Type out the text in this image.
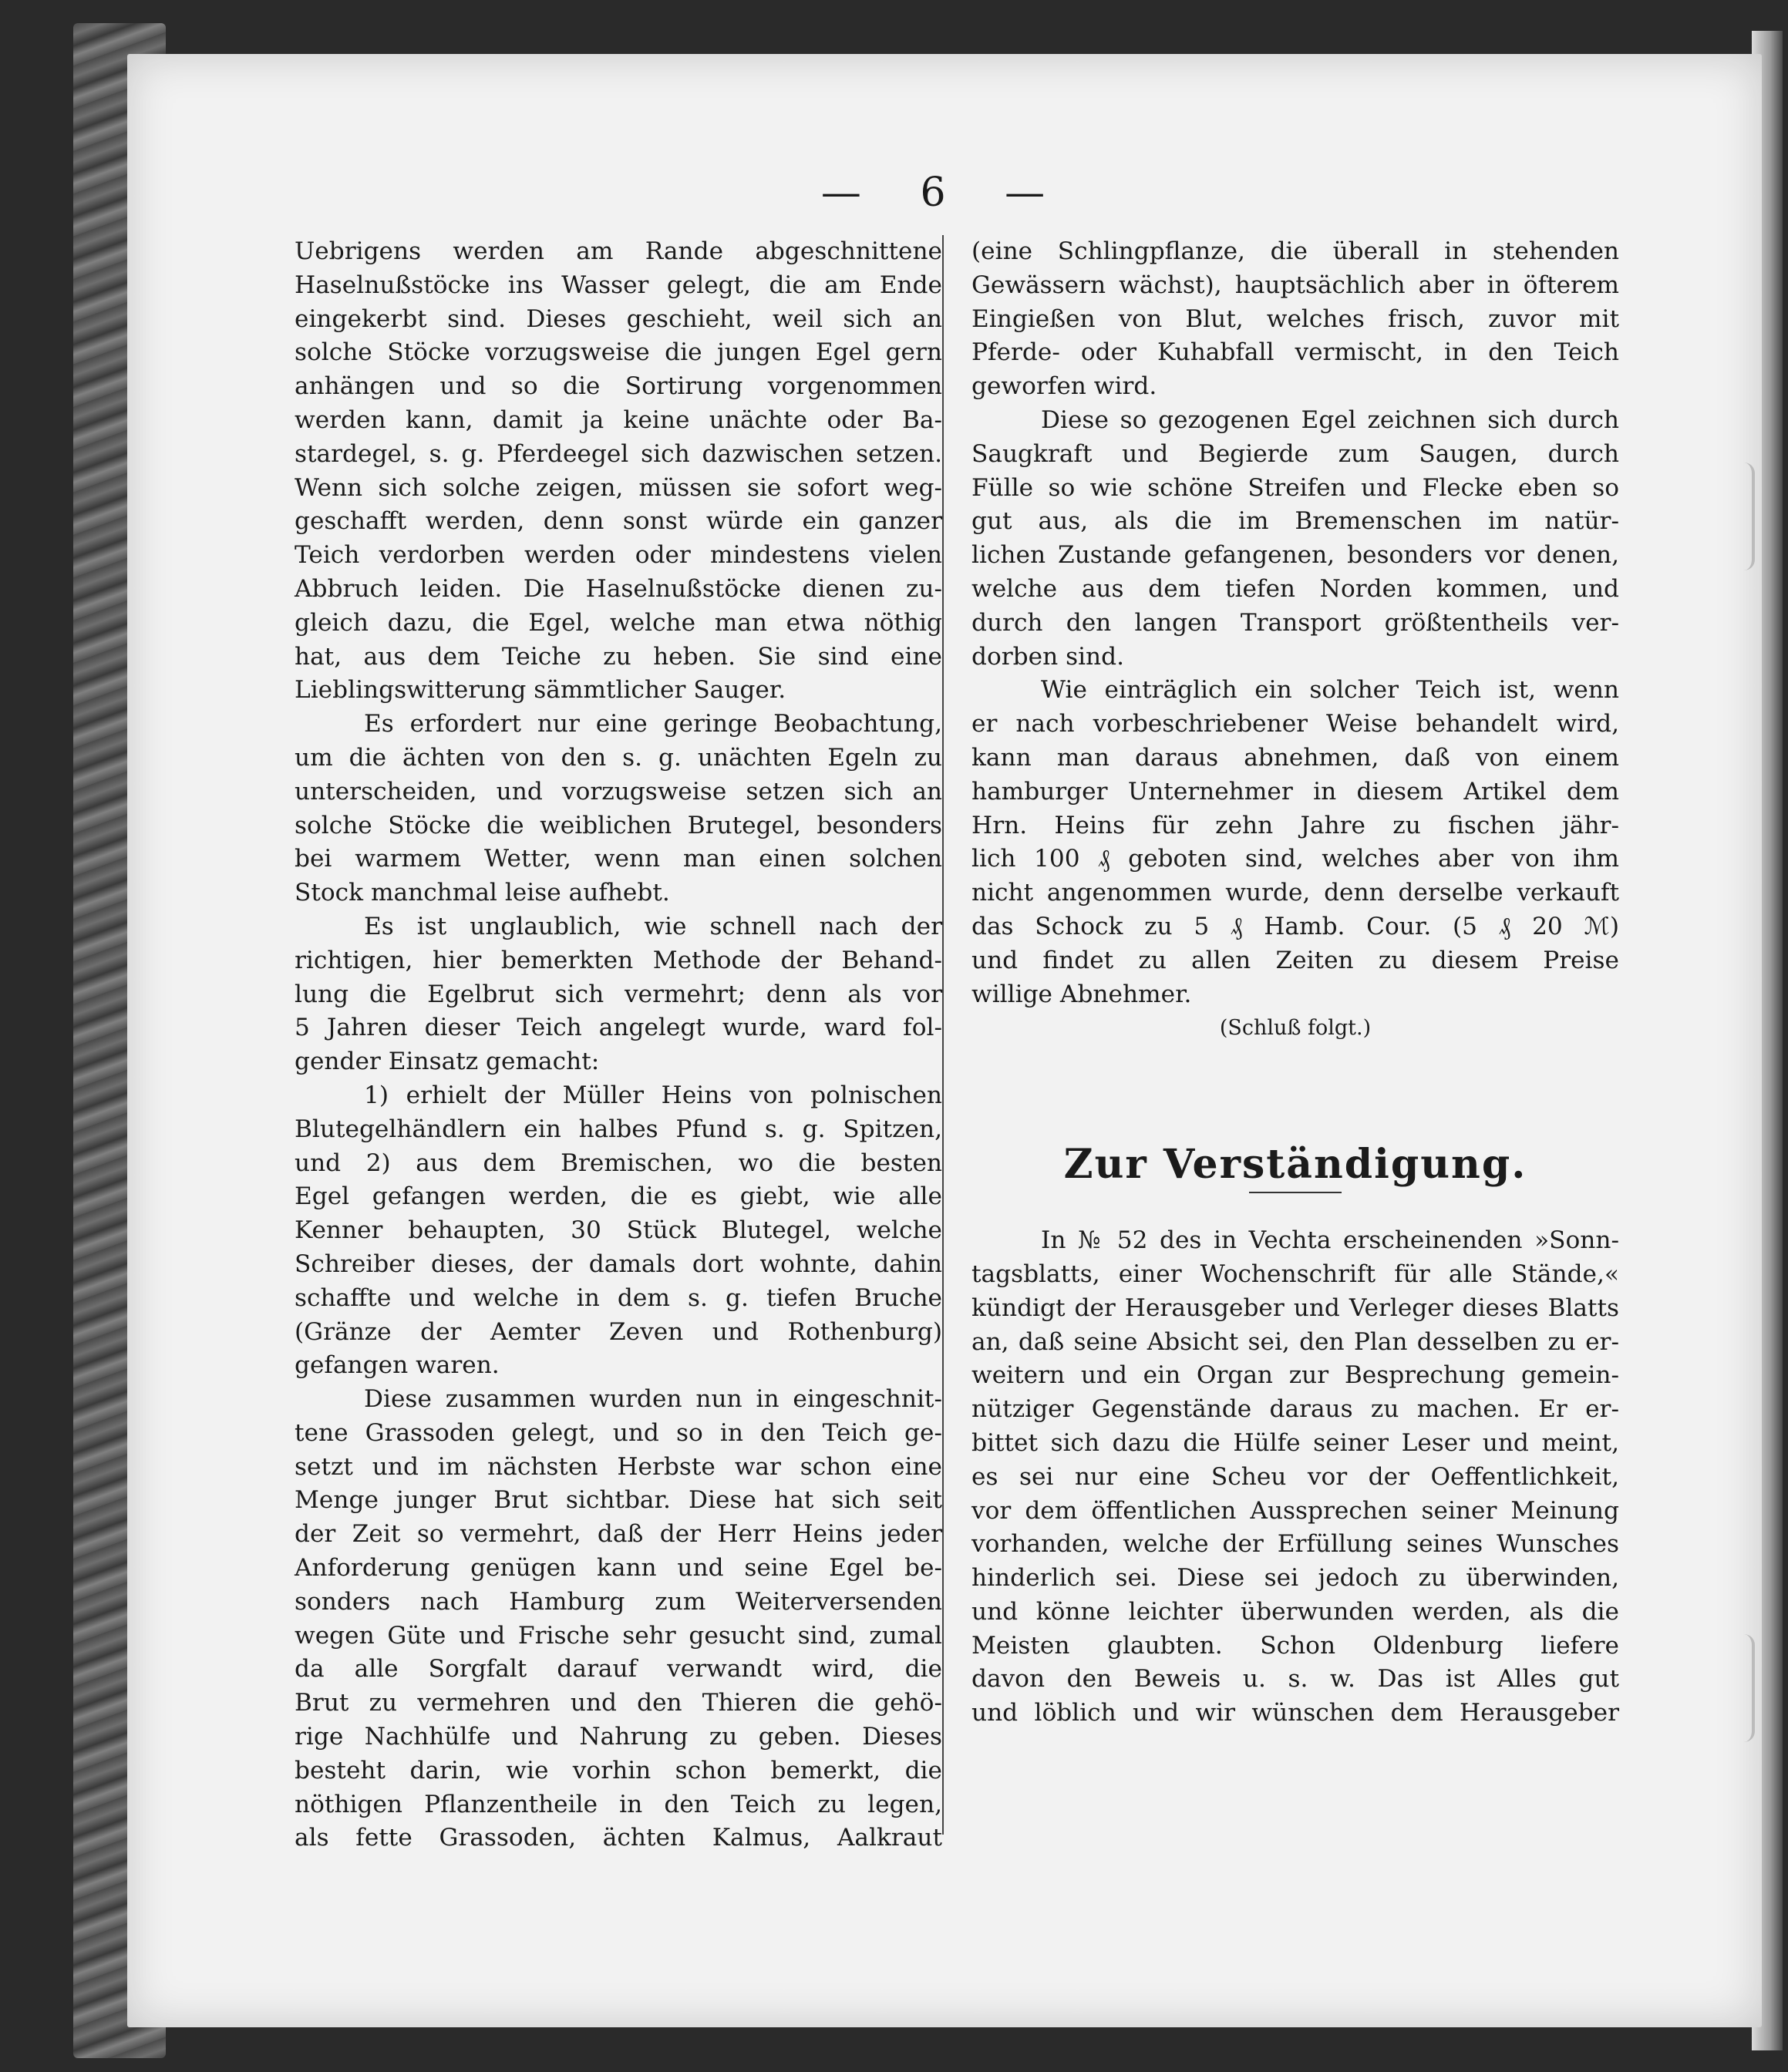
— 6 —
Uebrigens werden am Rande abgeschnittene
Haselnußstöcke ins Wasser gelegt, die am Ende
eingekerbt sind. Dieses geschieht, weil sich an
solche Stöcke vorzugsweise die jungen Egel gern
anhängen und so die Sortirung vorgenommen
werden kann, damit ja keine unächte oder Ba-
stardegel, s. g. Pferdeegel sich dazwischen setzen.
Wenn sich solche zeigen, müssen sie sofort weg-
geschafft werden, denn sonst würde ein ganzer
Teich verdorben werden oder mindestens vielen
Abbruch leiden. Die Haselnußstöcke dienen zu-
gleich dazu, die Egel, welche man etwa nöthig
hat, aus dem Teiche zu heben. Sie sind eine
Lieblingswitterung sämmtlicher Sauger.
Es erfordert nur eine geringe Beobachtung,
um die ächten von den s. g. unächten Egeln zu
unterscheiden, und vorzugsweise setzen sich an
solche Stöcke die weiblichen Brutegel, besonders
bei warmem Wetter, wenn man einen solchen
Stock manchmal leise aufhebt.
Es ist unglaublich, wie schnell nach der
richtigen, hier bemerkten Methode der Behand-
lung die Egelbrut sich vermehrt; denn als vor
5 Jahren dieser Teich angelegt wurde, ward fol-
gender Einsatz gemacht:
1) erhielt der Müller Heins von polnischen
Blutegelhändlern ein halbes Pfund s. g. Spitzen,
und 2) aus dem Bremischen, wo die besten
Egel gefangen werden, die es giebt, wie alle
Kenner behaupten, 30 Stück Blutegel, welche
Schreiber dieses, der damals dort wohnte, dahin
schaffte und welche in dem s. g. tiefen Bruche
(Gränze der Aemter Zeven und Rothenburg)
gefangen waren.
Diese zusammen wurden nun in eingeschnit-
tene Grassoden gelegt, und so in den Teich ge-
setzt und im nächsten Herbste war schon eine
Menge junger Brut sichtbar. Diese hat sich seit
der Zeit so vermehrt, daß der Herr Heins jeder
Anforderung genügen kann und seine Egel be-
sonders nach Hamburg zum Weiterversenden
wegen Güte und Frische sehr gesucht sind, zumal
da alle Sorgfalt darauf verwandt wird, die
Brut zu vermehren und den Thieren die gehö-
rige Nachhülfe und Nahrung zu geben. Dieses
besteht darin, wie vorhin schon bemerkt, die
nöthigen Pflanzentheile in den Teich zu legen,
als fette Grassoden, ächten Kalmus, Aalkraut
(eine Schlingpflanze, die überall in stehenden
Gewässern wächst), hauptsächlich aber in öfterem
Eingießen von Blut, welches frisch, zuvor mit
Pferde- oder Kuhabfall vermischt, in den Teich
geworfen wird.
Diese so gezogenen Egel zeichnen sich durch
Saugkraft und Begierde zum Saugen, durch
Fülle so wie schöne Streifen und Flecke eben so
gut aus, als die im Bremenschen im natür-
lichen Zustande gefangenen, besonders vor denen,
welche aus dem tiefen Norden kommen, und
durch den langen Transport größtentheils ver-
dorben sind.
Wie einträglich ein solcher Teich ist, wenn
er nach vorbeschriebener Weise behandelt wird,
kann man daraus abnehmen, daß von einem
hamburger Unternehmer in diesem Artikel dem
Hrn. Heins für zehn Jahre zu fischen jähr-
lich 100 ₰ geboten sind, welches aber von ihm
nicht angenommen wurde, denn derselbe verkauft
das Schock zu 5 ₰ Hamb. Cour. (5 ₰ 20 ℳ)
und findet zu allen Zeiten zu diesem Preise
willige Abnehmer.
(Schluß folgt.)
Zur Verständigung.
In № 52 des in Vechta erscheinenden »Sonn-
tagsblatts, einer Wochenschrift für alle Stände,«
kündigt der Herausgeber und Verleger dieses Blatts
an, daß seine Absicht sei, den Plan desselben zu er-
weitern und ein Organ zur Besprechung gemein-
nütziger Gegenstände daraus zu machen. Er er-
bittet sich dazu die Hülfe seiner Leser und meint,
es sei nur eine Scheu vor der Oeffentlichkeit,
vor dem öffentlichen Aussprechen seiner Meinung
vorhanden, welche der Erfüllung seines Wunsches
hinderlich sei. Diese sei jedoch zu überwinden,
und könne leichter überwunden werden, als die
Meisten glaubten. Schon Oldenburg liefere
davon den Beweis u. s. w. Das ist Alles gut
und löblich und wir wünschen dem Herausgeber
